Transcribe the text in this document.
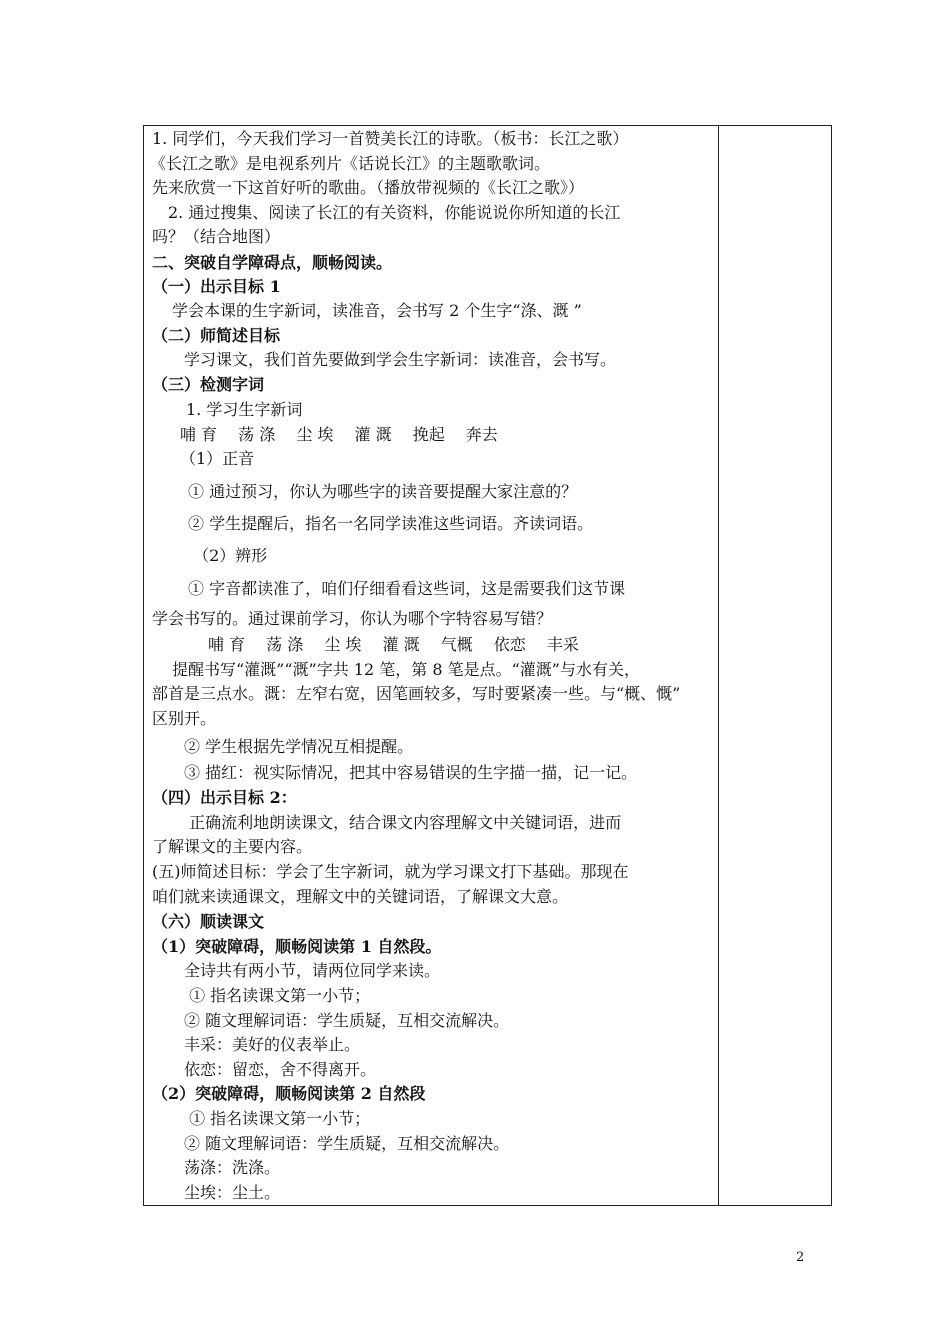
1. 同学们，今天我们学习一首赞美长江的诗歌。（板书：长江之歌）
《长江之歌》是电视系列片《话说长江》的主题歌歌词。
先来欣赏一下这首好听的歌曲。（播放带视频的《长江之歌》）
　2. 通过搜集、阅读了长江的有关资料，你能说说你所知道的长江
吗？（结合地图）
二、突破自学障碍点，顺畅阅读。
（一）出示目标 1
　学会本课的生字新词，读准音，会书写 2 个生字“涤、溉 ”
（二）师简述目标
　　学习课文，我们首先要做到学会生字新词：读准音，会书写。
（三）检测字词
　　1. 学习生字新词
　哺 育　 荡 涤　 尘 埃　 灌 溉　 挽起　 奔去
　　（1）正音
　　① 通过预习，你认为哪些字的读音要提醒大家注意的？
　　② 学生提醒后，指名一名同学读准这些词语。齐读词语。
　　 （2）辨形
　　① 字音都读准了，咱们仔细看看这些词，这是需要我们这节课
学会书写的。通过课前学习，你认为哪个字特容易写错？
　　　哺 育　 荡 涤　 尘 埃　 灌 溉　 气概　 依恋　 丰采
　提醒书写“灌溉”“溉”字共 12 笔，第 8 笔是点。“灌溉”与水有关，
部首是三点水。溉：左窄右宽，因笔画较多，写时要紧凑一些。与“概、慨”
区别开。
　　② 学生根据先学情况互相提醒。
　　③ 描红：视实际情况，把其中容易错误的生字描一描，记一记。
（四）出示目标 2：
　　 正确流利地朗读课文，结合课文内容理解文中关键词语，进而
了解课文的主要内容。
(五)师简述目标：学会了生字新词，就为学习课文打下基础。那现在
咱们就来读通课文，理解文中的关键词语，了解课文大意。
（六）顺读课文
（1）突破障碍，顺畅阅读第 1 自然段。
　　全诗共有两小节，请两位同学来读。
　　 ① 指名读课文第一小节；
　　② 随文理解词语：学生质疑，互相交流解决。
　　丰采：美好的仪表举止。
　　依恋：留恋，舍不得离开。
（2）突破障碍，顺畅阅读第 2 自然段
　　 ① 指名读课文第一小节；
　　② 随文理解词语：学生质疑，互相交流解决。
　　荡涤：洗涤。
　　尘埃：尘土。
2
